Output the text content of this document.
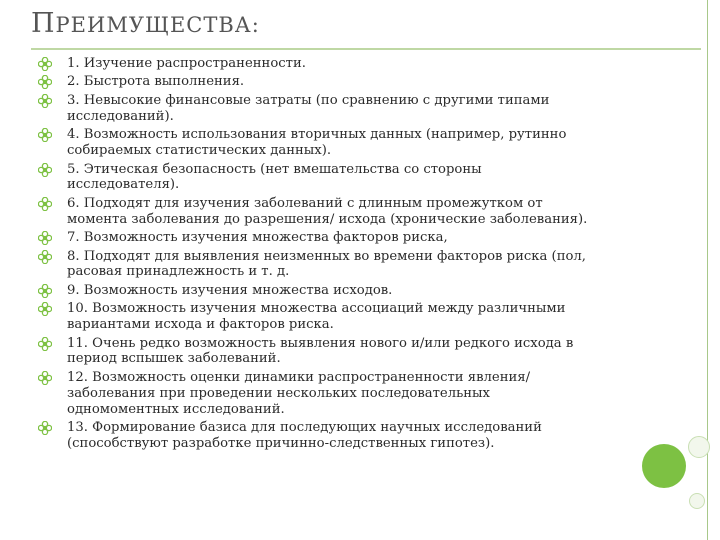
ПРЕИМУЩЕСТВА:
1. Изучение распространенности.
2. Быстрота выполнения.
3. Невысокие финансовые затраты (по сравнению с другими типами исследований).
4. Возможность использования вторичных данных (например, рутинно собираемых статистических данных).
5. Этическая безопасность (нет вмешательства со стороны исследователя).
6. Подходят для изучения заболеваний с длинным промежутком от момента заболевания до разрешения/ исхода (хронические заболевания).
7. Возможность изучения множества факторов риска,
8. Подходят для выявления неизменных во времени факторов риска (пол, расовая принадлежность и т. д.
9. Возможность изучения множества исходов.
10. Возможность изучения множества ассоциаций между различными вариантами исхода и факторов риска.
11. Очень редко возможность выявления нового и/или редкого исхода в период вспышек заболеваний.
12. Возможность оценки динамики распространенности явления/заболевания при проведении нескольких последовательных одномоментных исследований.
13. Формирование базиса для последующих научных исследований (способствуют разработке причинно-следственных гипотез).
